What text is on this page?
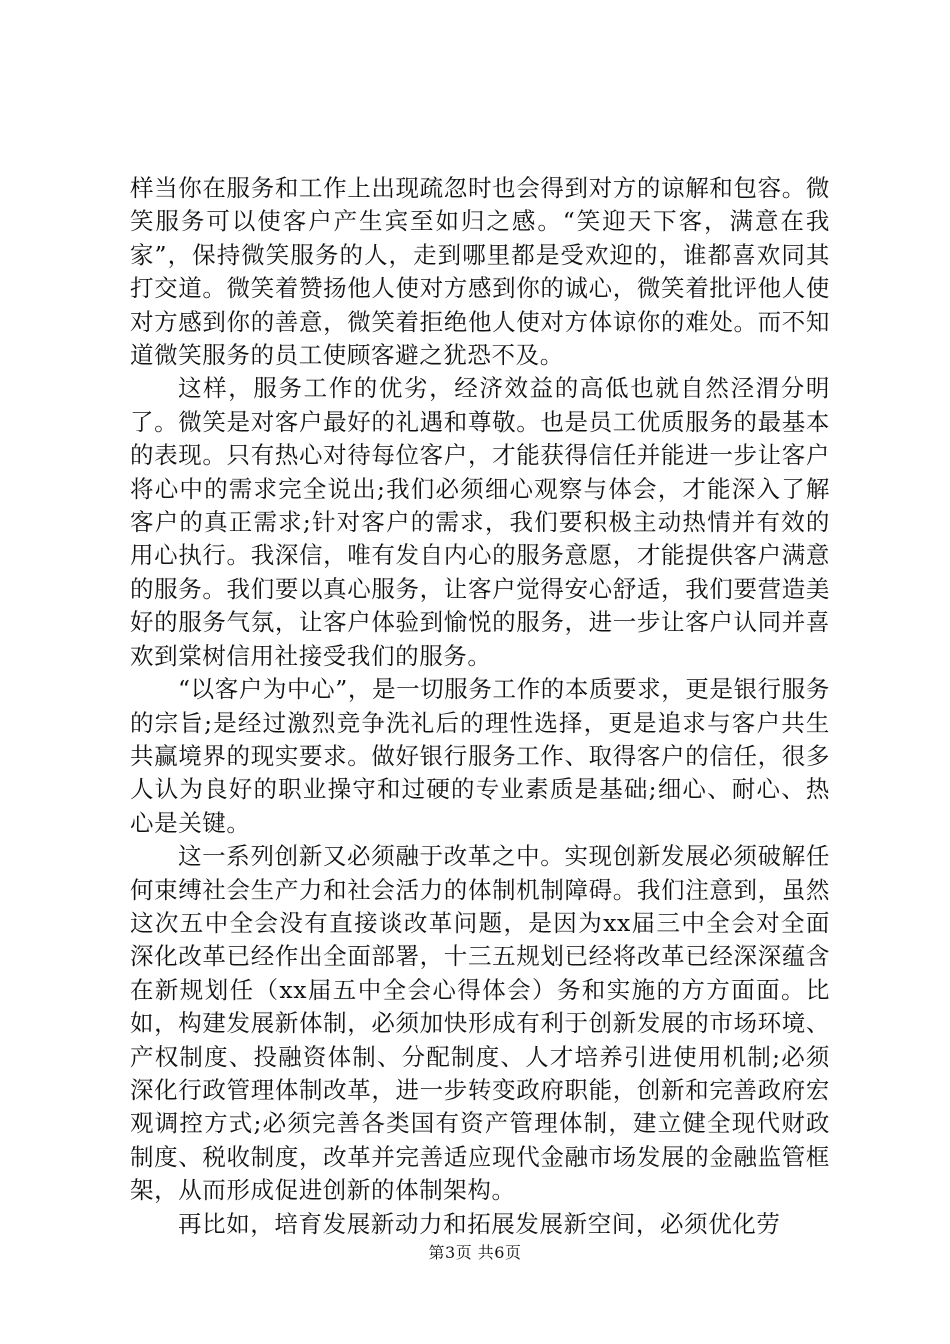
样当你在服务和工作上出现疏忽时也会得到对方的谅解和包容。微笑服务可以使客户产生宾至如归之感。“笑迎天下客，满意在我家”，保持微笑服务的人，走到哪里都是受欢迎的，谁都喜欢同其打交道。微笑着赞扬他人使对方感到你的诚心，微笑着批评他人使对方感到你的善意，微笑着拒绝他人使对方体谅你的难处。而不知道微笑服务的员工使顾客避之犹恐不及。

这样，服务工作的优劣，经济效益的高低也就自然泾渭分明了。微笑是对客户最好的礼遇和尊敬。也是员工优质服务的最基本的表现。只有热心对待每位客户，才能获得信任并能进一步让客户将心中的需求完全说出;我们必须细心观察与体会，才能深入了解客户的真正需求;针对客户的需求，我们要积极主动热情并有效的用心执行。我深信，唯有发自内心的服务意愿，才能提供客户满意的服务。我们要以真心服务，让客户觉得安心舒适，我们要营造美好的服务气氛，让客户体验到愉悦的服务，进一步让客户认同并喜欢到棠树信用社接受我们的服务。

“以客户为中心”，是一切服务工作的本质要求，更是银行服务的宗旨;是经过激烈竞争洗礼后的理性选择，更是追求与客户共生共赢境界的现实要求。做好银行服务工作、取得客户的信任，很多人认为良好的职业操守和过硬的专业素质是基础;细心、耐心、热心是关键。

这一系列创新又必须融于改革之中。实现创新发展必须破解任何束缚社会生产力和社会活力的体制机制障碍。我们注意到，虽然这次五中全会没有直接谈改革问题，是因为xx届三中全会对全面深化改革已经作出全面部署，十三五规划已经将改革已经深深蕴含在新规划任（xx届五中全会心得体会）务和实施的方方面面。比如，构建发展新体制，必须加快形成有利于创新发展的市场环境、产权制度、投融资体制、分配制度、人才培养引进使用机制;必须深化行政管理体制改革，进一步转变政府职能，创新和完善政府宏观调控方式;必须完善各类国有资产管理体制，建立健全现代财政制度、税收制度，改革并完善适应现代金融市场发展的金融监管框架，从而形成促进创新的体制架构。

再比如，培育发展新动力和拓展发展新空间，必须优化劳

第3页 共6页
